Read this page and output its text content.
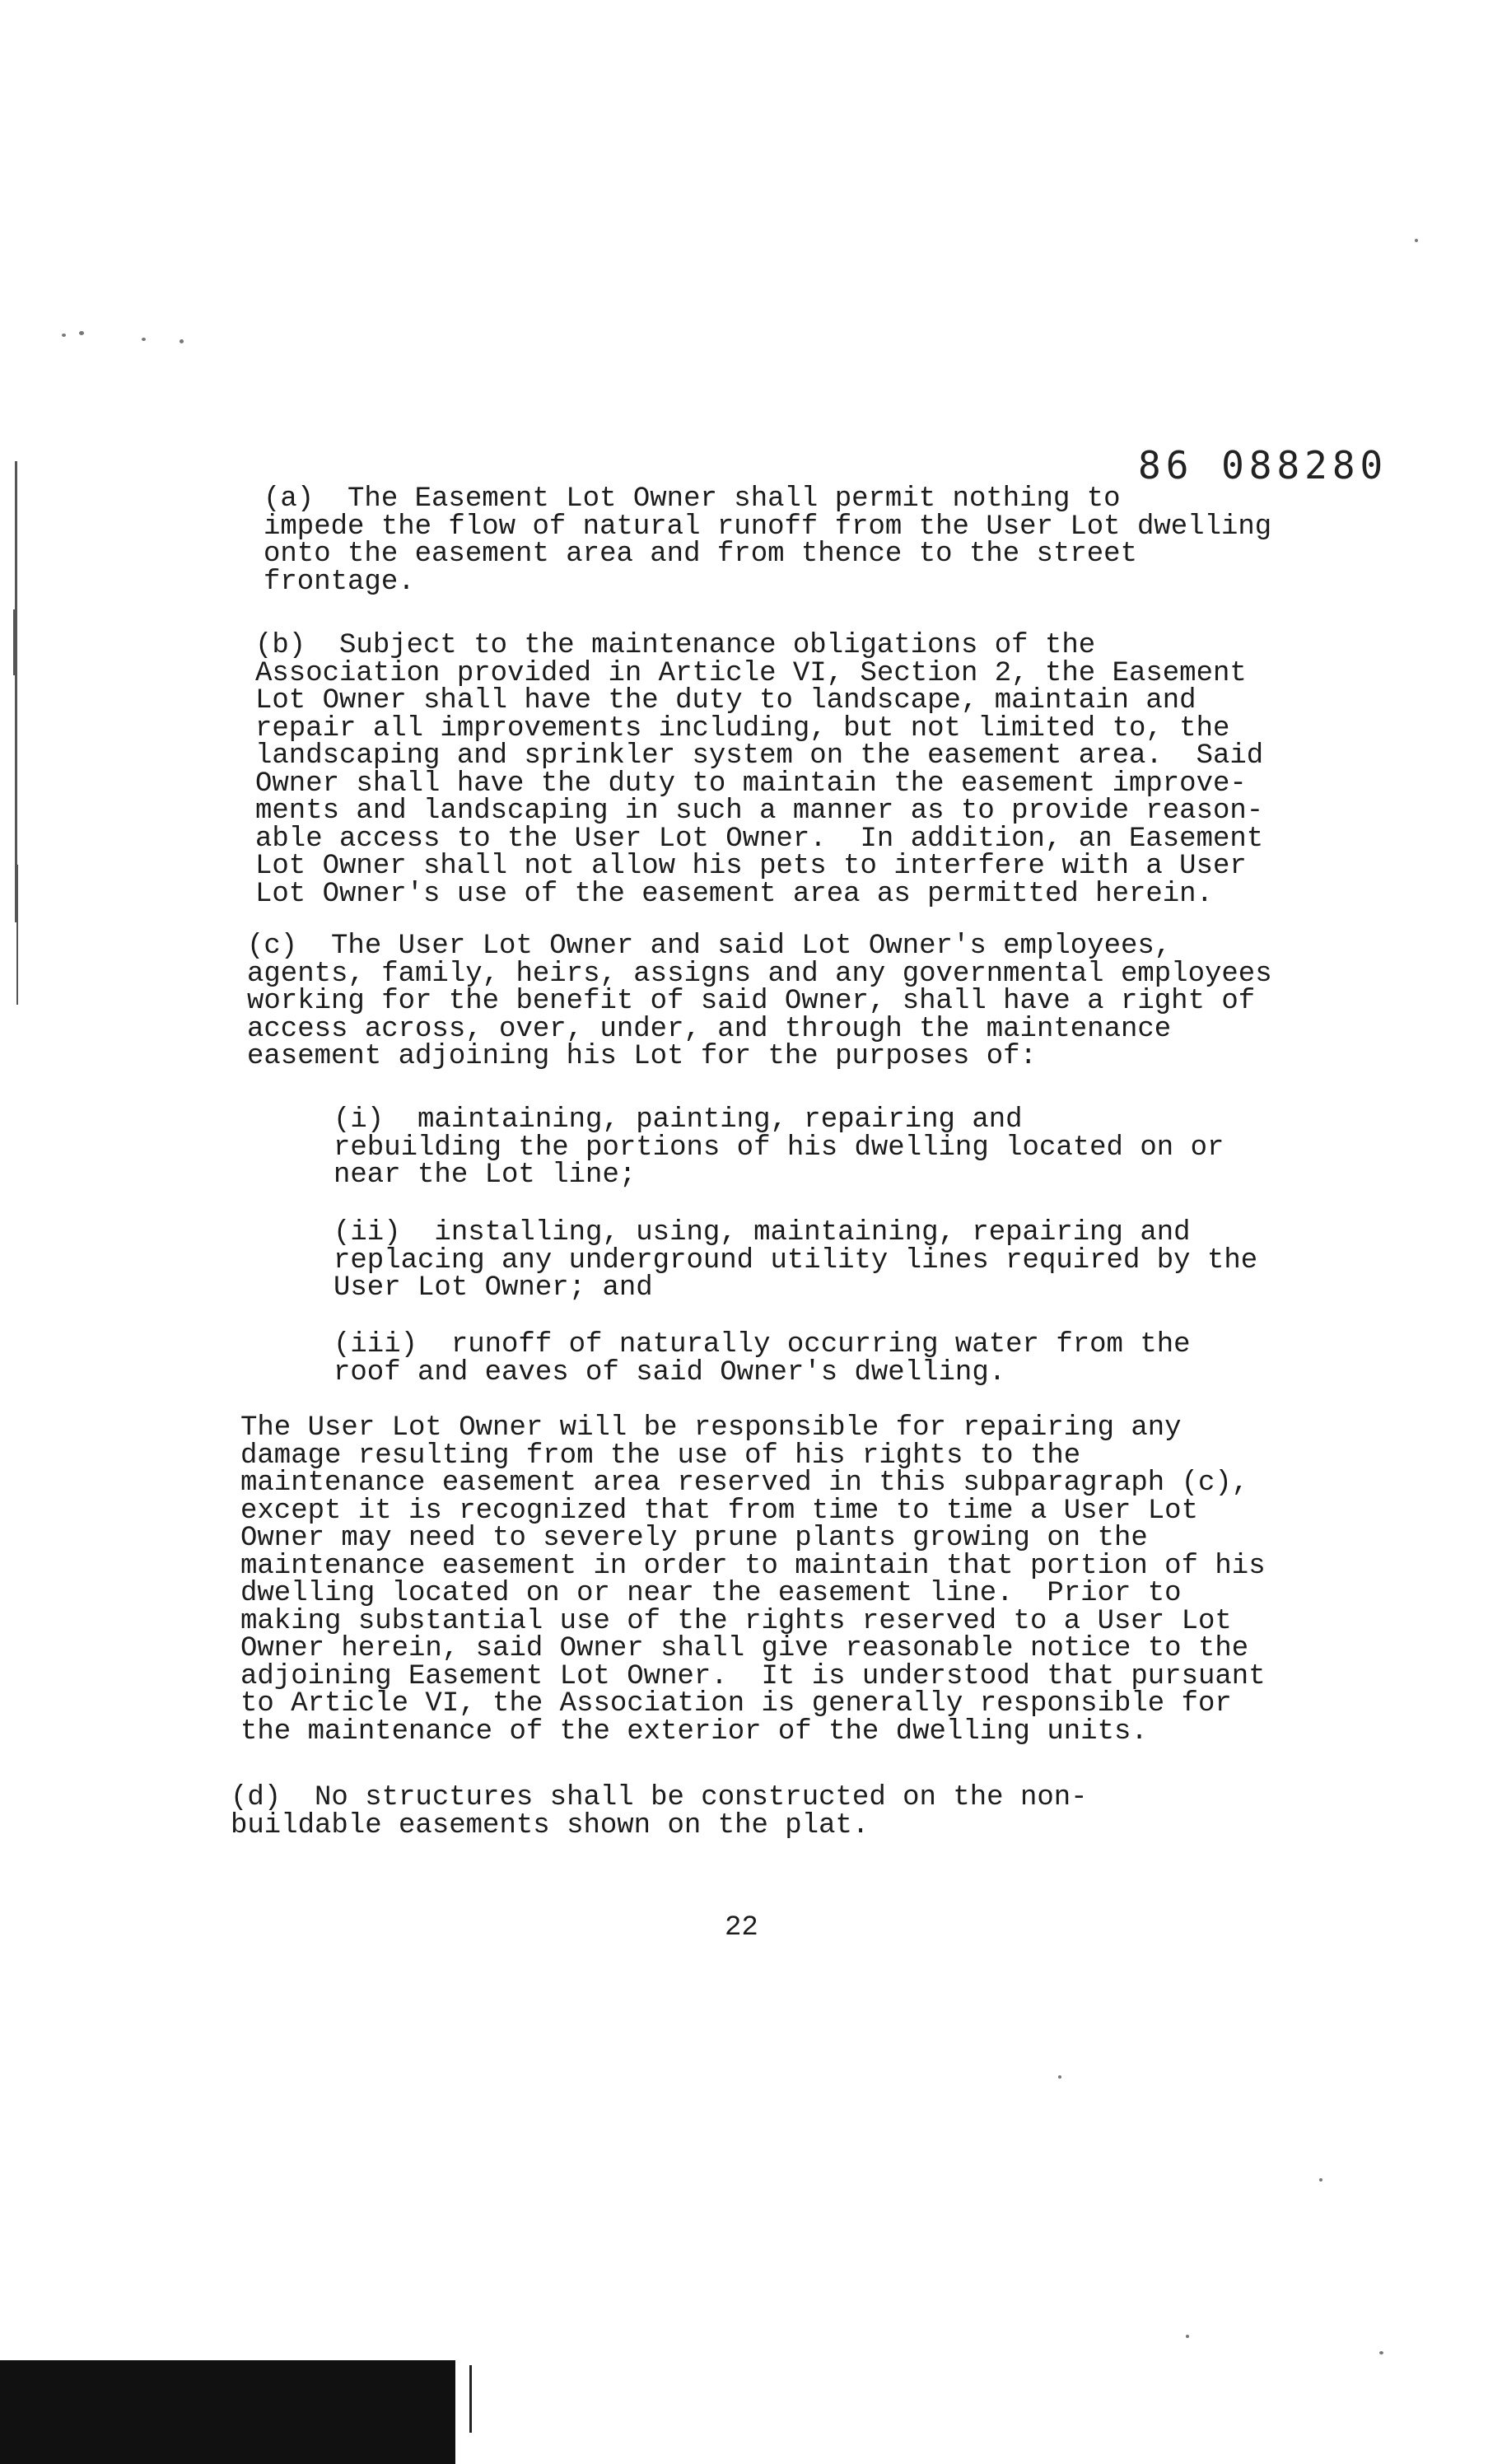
86 088280
(a)  The Easement Lot Owner shall permit nothing to
impede the flow of natural runoff from the User Lot dwelling
onto the easement area and from thence to the street
frontage.
(b)  Subject to the maintenance obligations of the
Association provided in Article VI, Section 2, the Easement
Lot Owner shall have the duty to landscape, maintain and
repair all improvements including, but not limited to, the
landscaping and sprinkler system on the easement area.  Said
Owner shall have the duty to maintain the easement improve-
ments and landscaping in such a manner as to provide reason-
able access to the User Lot Owner.  In addition, an Easement
Lot Owner shall not allow his pets to interfere with a User
Lot Owner's use of the easement area as permitted herein.
(c)  The User Lot Owner and said Lot Owner's employees,
agents, family, heirs, assigns and any governmental employees
working for the benefit of said Owner, shall have a right of
access across, over, under, and through the maintenance
easement adjoining his Lot for the purposes of:
(i)  maintaining, painting, repairing and
rebuilding the portions of his dwelling located on or
near the Lot line;
(ii)  installing, using, maintaining, repairing and
replacing any underground utility lines required by the
User Lot Owner; and
(iii)  runoff of naturally occurring water from the
roof and eaves of said Owner's dwelling.
The User Lot Owner will be responsible for repairing any
damage resulting from the use of his rights to the
maintenance easement area reserved in this subparagraph (c),
except it is recognized that from time to time a User Lot
Owner may need to severely prune plants growing on the
maintenance easement in order to maintain that portion of his
dwelling located on or near the easement line.  Prior to
making substantial use of the rights reserved to a User Lot
Owner herein, said Owner shall give reasonable notice to the
adjoining Easement Lot Owner.  It is understood that pursuant
to Article VI, the Association is generally responsible for
the maintenance of the exterior of the dwelling units.
(d)  No structures shall be constructed on the non-
buildable easements shown on the plat.
22
